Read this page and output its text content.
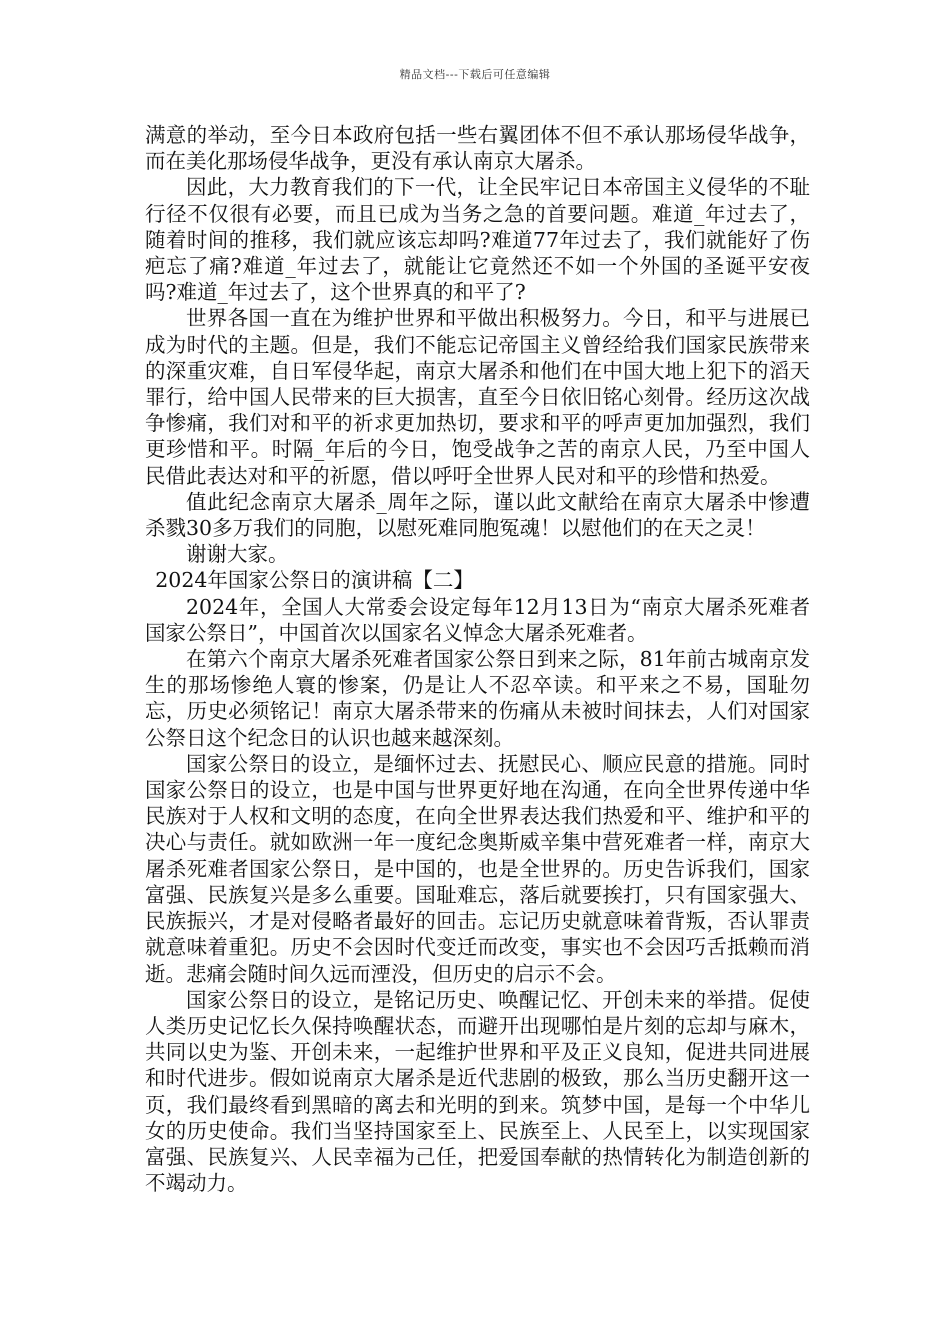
精品文档---下载后可任意编辑

满意的举动，至今日本政府包括一些右翼团体不但不承认那场侵华战争，而在美化那场侵华战争，更没有承认南京大屠杀。

因此，大力教育我们的下一代，让全民牢记日本帝国主义侵华的不耻行径不仅很有必要，而且已成为当务之急的首要问题。难道_年过去了，随着时间的推移，我们就应该忘却吗?难道77年过去了，我们就能好了伤疤忘了痛?难道_年过去了，就能让它竟然还不如一个外国的圣诞平安夜吗?难道_年过去了，这个世界真的和平了?

世界各国一直在为维护世界和平做出积极努力。今日，和平与进展已成为时代的主题。但是，我们不能忘记帝国主义曾经给我们国家民族带来的深重灾难，自日军侵华起，南京大屠杀和他们在中国大地上犯下的滔天罪行，给中国人民带来的巨大损害，直至今日依旧铭心刻骨。经历这次战争惨痛，我们对和平的祈求更加热切，要求和平的呼声更加加强烈，我们更珍惜和平。时隔_年后的今日，饱受战争之苦的南京人民，乃至中国人民借此表达对和平的祈愿，借以呼吁全世界人民对和平的珍惜和热爱。

值此纪念南京大屠杀_周年之际，谨以此文献给在南京大屠杀中惨遭杀戮30多万我们的同胞，以慰死难同胞冤魂！以慰他们的在天之灵！

谢谢大家。

2024年国家公祭日的演讲稿【二】

2024年，全国人大常委会设定每年12月13日为“南京大屠杀死难者国家公祭日”，中国首次以国家名义悼念大屠杀死难者。

在第六个南京大屠杀死难者国家公祭日到来之际，81年前古城南京发生的那场惨绝人寰的惨案，仍是让人不忍卒读。和平来之不易，国耻勿忘，历史必须铭记！南京大屠杀带来的伤痛从未被时间抹去，人们对国家公祭日这个纪念日的认识也越来越深刻。

国家公祭日的设立，是缅怀过去、抚慰民心、顺应民意的措施。同时国家公祭日的设立，也是中国与世界更好地在沟通，在向全世界传递中华民族对于人权和文明的态度，在向全世界表达我们热爱和平、维护和平的决心与责任。就如欧洲一年一度纪念奥斯威辛集中营死难者一样，南京大屠杀死难者国家公祭日，是中国的，也是全世界的。历史告诉我们，国家富强、民族复兴是多么重要。国耻难忘，落后就要挨打，只有国家强大、民族振兴，才是对侵略者最好的回击。忘记历史就意味着背叛，否认罪责就意味着重犯。历史不会因时代变迁而改变，事实也不会因巧舌抵赖而消逝。悲痛会随时间久远而湮没，但历史的启示不会。

国家公祭日的设立，是铭记历史、唤醒记忆、开创未来的举措。促使人类历史记忆长久保持唤醒状态，而避开出现哪怕是片刻的忘却与麻木，共同以史为鉴、开创未来，一起维护世界和平及正义良知，促进共同进展和时代进步。假如说南京大屠杀是近代悲剧的极致，那么当历史翻开这一页，我们最终看到黑暗的离去和光明的到来。筑梦中国，是每一个中华儿女的历史使命。我们当坚持国家至上、民族至上、人民至上，以实现国家富强、民族复兴、人民幸福为己任，把爱国奉献的热情转化为制造创新的不竭动力。
